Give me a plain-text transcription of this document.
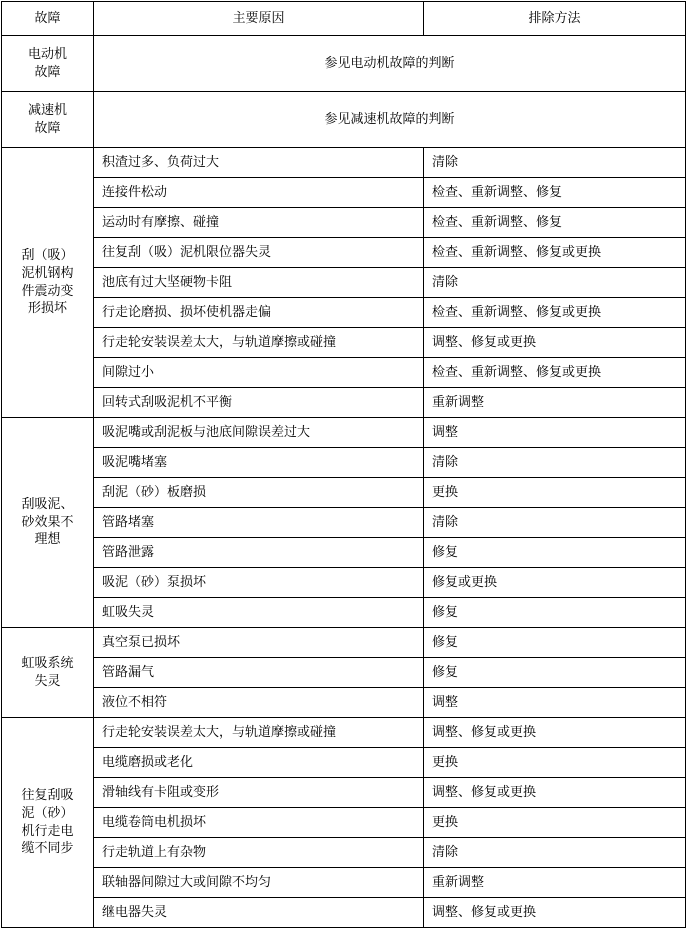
故障	主要原因	排除方法

电动机
故障	参见电动机故障的判断	

减速机
故障	参见减速机故障的判断	

刮（吸）
泥机钢构
件震动变
形损坏	积渣过多、负荷过大	清除
	连接件松动	检查、重新调整、修复
	运动时有摩擦、碰撞	检查、重新调整、修复
	往复刮（吸）泥机限位器失灵	检查、重新调整、修复或更换
	池底有过大坚硬物卡阻	清除
	行走论磨损、损坏使机器走偏	检查、重新调整、修复或更换
	行走轮安装误差太大，与轨道摩擦或碰撞	调整、修复或更换
	间隙过小	检查、重新调整、修复或更换
	回转式刮吸泥机不平衡	重新调整

刮吸泥、
砂效果不
理想	吸泥嘴或刮泥板与池底间隙误差过大	调整
	吸泥嘴堵塞	清除
	刮泥（砂）板磨损	更换
	管路堵塞	清除
	管路泄露	修复
	吸泥（砂）泵损坏	修复或更换
	虹吸失灵	修复

虹吸系统
失灵	真空泵已损坏	修复
	管路漏气	修复
	液位不相符	调整

往复刮吸
泥（砂）
机行走电
缆不同步	行走轮安装误差太大，与轨道摩擦或碰撞	调整、修复或更换
	电缆磨损或老化	更换
	滑轴线有卡阻或变形	调整、修复或更换
	电缆卷筒电机损坏	更换
	行走轨道上有杂物	清除
	联轴器间隙过大或间隙不均匀	重新调整
	继电器失灵	调整、修复或更换
